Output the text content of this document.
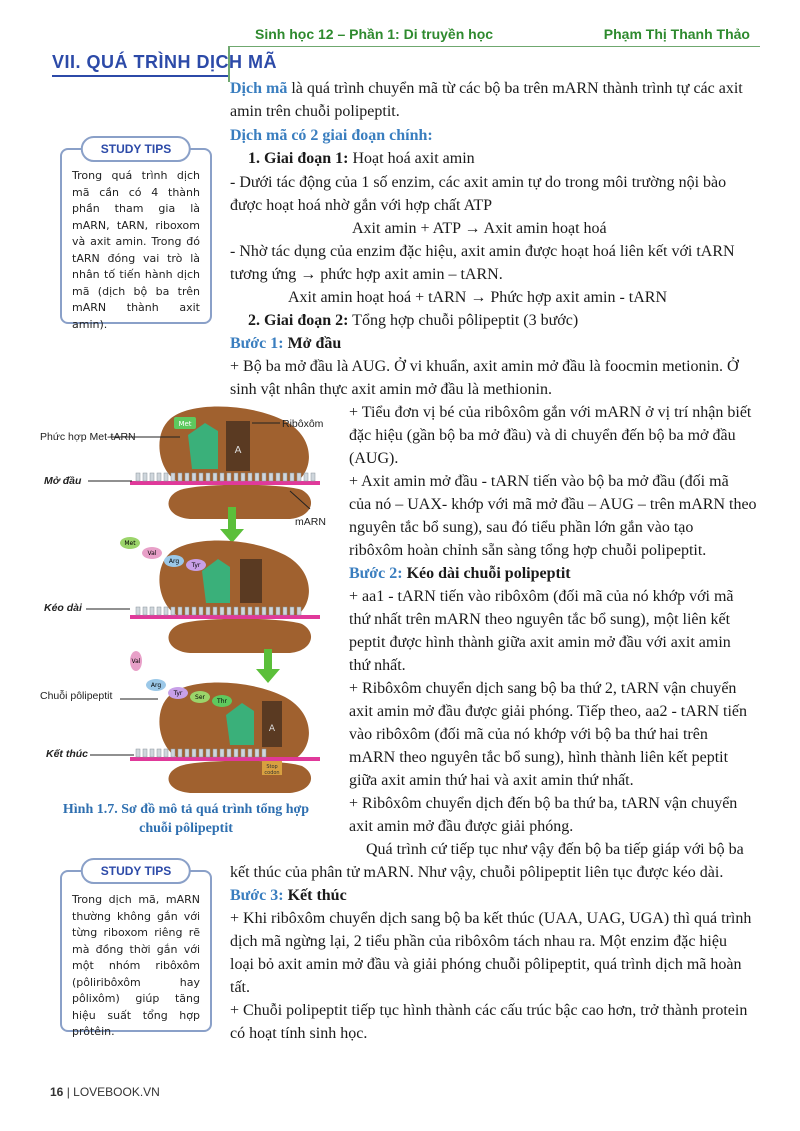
Sinh học 12 – Phần 1: Di truyền học	Phạm Thị Thanh Thảo
VII. QUÁ TRÌNH DỊCH MÃ
STUDY TIPS
Trong quá trình dịch mã cần có 4 thành phần tham gia là mARN, tARN, riboxom và axit amin. Trong đó tARN đóng vai trò là nhân tố tiến hành dịch mã (dịch bộ ba trên mARN thành axit amin).
STUDY TIPS
Trong dịch mã, mARN thường không gắn với từng riboxom riêng rẽ mà đồng thời gắn với một nhóm ribôxôm (pôliribôxôm hay pôlixôm) giúp tăng hiệu suất tổng hợp prôtêin.
Dịch mã là quá trình chuyển mã từ các bộ ba trên mARN thành trình tự các axit
amin trên chuỗi polipeptit.
Dịch mã có 2 giai đoạn chính:
1. Giai đoạn 1: Hoạt hoá axit amin
- Dưới tác động của 1 số enzim, các axit amin tự do trong môi trường nội bào
được hoạt hoá nhờ gắn với hợp chất ATP
Axit amin + ATP → Axit amin hoạt hoá
- Nhờ tác dụng của enzim đặc hiệu, axit amin được hoạt hoá liên kết với tARN
tương ứng → phức hợp axit amin – tARN.
Axit amin hoạt hoá + tARN → Phức hợp axit amin - tARN
2. Giai đoạn 2: Tổng hợp chuỗi pôlipeptit (3 bước)
Bước 1: Mở đầu
+ Bộ ba mở đầu là AUG. Ở vi khuẩn, axit amin mở đầu là foocmin metionin. Ở
sinh vật nhân thực axit amin mở đầu là methionin.
+ Tiểu đơn vị bé của ribôxôm gắn với mARN ở vị trí nhận biết
đặc hiệu (gần bộ ba mở đầu) và di chuyển đến bộ ba mở đầu
(AUG).
+ Axit amin mở đầu - tARN tiến vào bộ ba mở đầu (đối mã
của nó – UAX- khớp với mã mở đầu – AUG – trên mARN theo
nguyên tắc bổ sung), sau đó tiểu phần lớn gắn vào tạo
ribôxôm hoàn chỉnh sẵn sàng tổng hợp chuỗi polipeptit.
Bước 2: Kéo dài chuỗi polipeptit
+ aa1 - tARN tiến vào ribôxôm (đối mã của nó khớp với mã
thứ nhất trên mARN theo nguyên tắc bổ sung), một liên kết
peptit được hình thành giữa axit amin mở đầu với axit amin
thứ nhất.
+ Ribôxôm chuyển dịch sang bộ ba thứ 2, tARN vận chuyển
axit amin mở đầu được giải phóng. Tiếp theo, aa2 - tARN tiến
vào ribôxôm (đối mã của nó khớp với bộ ba thứ hai trên
mARN theo nguyên tắc bổ sung), hình thành liên kết peptit
giữa axit amin thứ hai và axit amin thứ nhất.
+ Ribôxôm chuyển dịch đến bộ ba thứ ba, tARN vận chuyển
axit amin mở đầu được giải phóng.
Quá trình cứ tiếp tục như vậy đến bộ ba tiếp giáp với bộ ba
kết thúc của phân tử mARN. Như vậy, chuỗi pôlipeptit liên tục được kéo dài.
Bước 3: Kết thúc
+ Khi ribôxôm chuyển dịch sang bộ ba kết thúc (UAA, UAG, UGA) thì quá trình
dịch mã ngừng lại, 2 tiểu phần của ribôxôm tách nhau ra. Một enzim đặc hiệu
loại bỏ axit amin mở đầu và giải phóng chuỗi pôlipeptit, quá trình dịch mã hoàn
tất.
+ Chuỗi polipeptit tiếp tục hình thành các cấu trúc bậc cao hơn, trở thành protein
có hoạt tính sinh học.
Met
A
Met
Val
Arg
Tyr
A
Stop
codon
Val
Arg
Tyr
Ser
Thr
Phức hợp Met-tARN
Ribôxôm
Mở đầu
mARN
Kéo dài
Chuỗi pôlipeptit
Kết thúc
Hình 1.7. Sơ đồ mô tả quá trình tổng hợp
chuỗi pôlipeptit
16 | LOVEBOOK.VN
